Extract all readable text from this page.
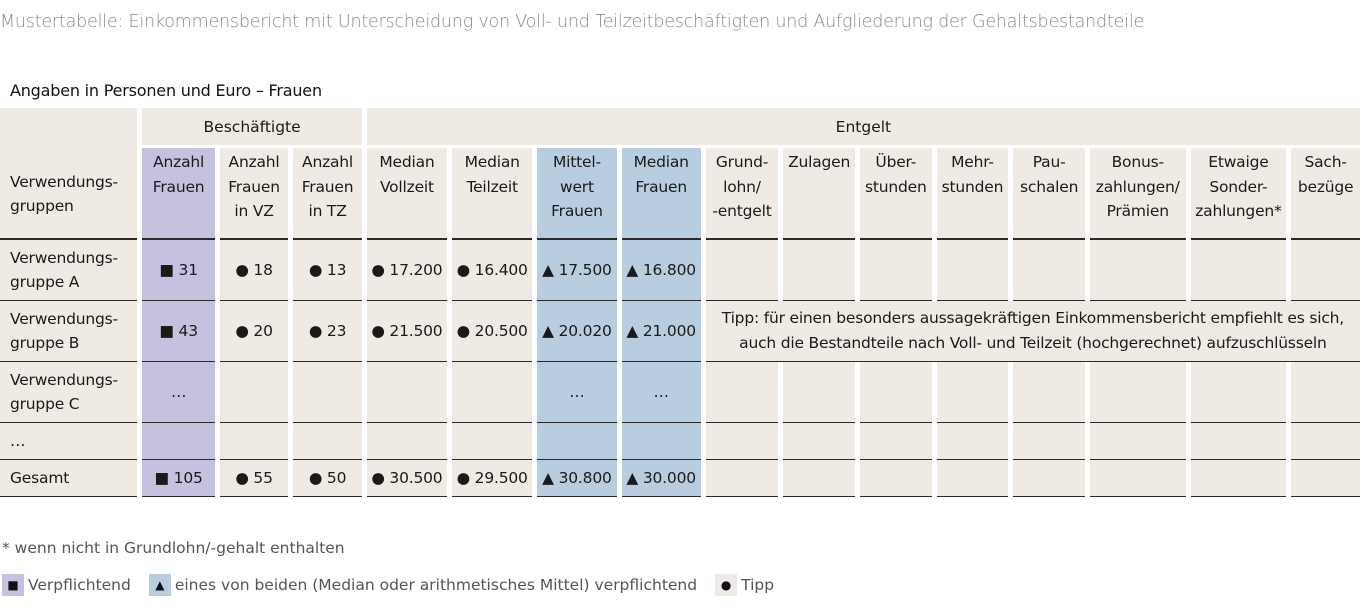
Mustertabelle: Einkommensbericht mit Unterscheidung von Voll- und Teilzeitbeschäftigten und Aufgliederung der Gehaltsbestandteile
Angaben in Personen und Euro – Frauen
	Beschäftigte			Entgelt											
Verwendungs-
gruppen	Anzahl
Frauen	Anzahl
Frauen
in VZ	Anzahl
Frauen
in TZ	Median
Vollzeit	Median
Teilzeit	Mittel-
wert
Frauen	Median
Frauen	Grund-
lohn/
-entgelt	Zulagen	Über-
stunden	Mehr-
stunden	Pau-
schalen	Bonus-
zahlungen/
Prämien	Etwaige
Sonder-
zahlungen*	Sach-
bezüge
Verwendungs-
gruppe A	■ 31	● 18	● 13	● 17.200	● 16.400	▲ 17.500	▲ 16.800								
Verwendungs-
gruppe B	■ 43	● 20	● 23	● 21.500	● 20.500	▲ 20.020	▲ 21.000	Tipp: für einen besonders aussagekräftigen Einkommensbericht empfiehlt es sich,
auch die Bestandteile nach Voll- und Teilzeit (hochgerechnet) aufzuschlüsseln							
Verwendungs-
gruppe C	…					…	…								
…															
Gesamt	■ 105	● 55	● 50	● 30.500	● 29.500	▲ 30.800	▲ 30.000								
* wenn nicht in Grundlohn/-gehalt enthalten
■ Verpflichtend	▲ eines von beiden (Median oder arithmetisches Mittel) verpflichtend	● Tipp
